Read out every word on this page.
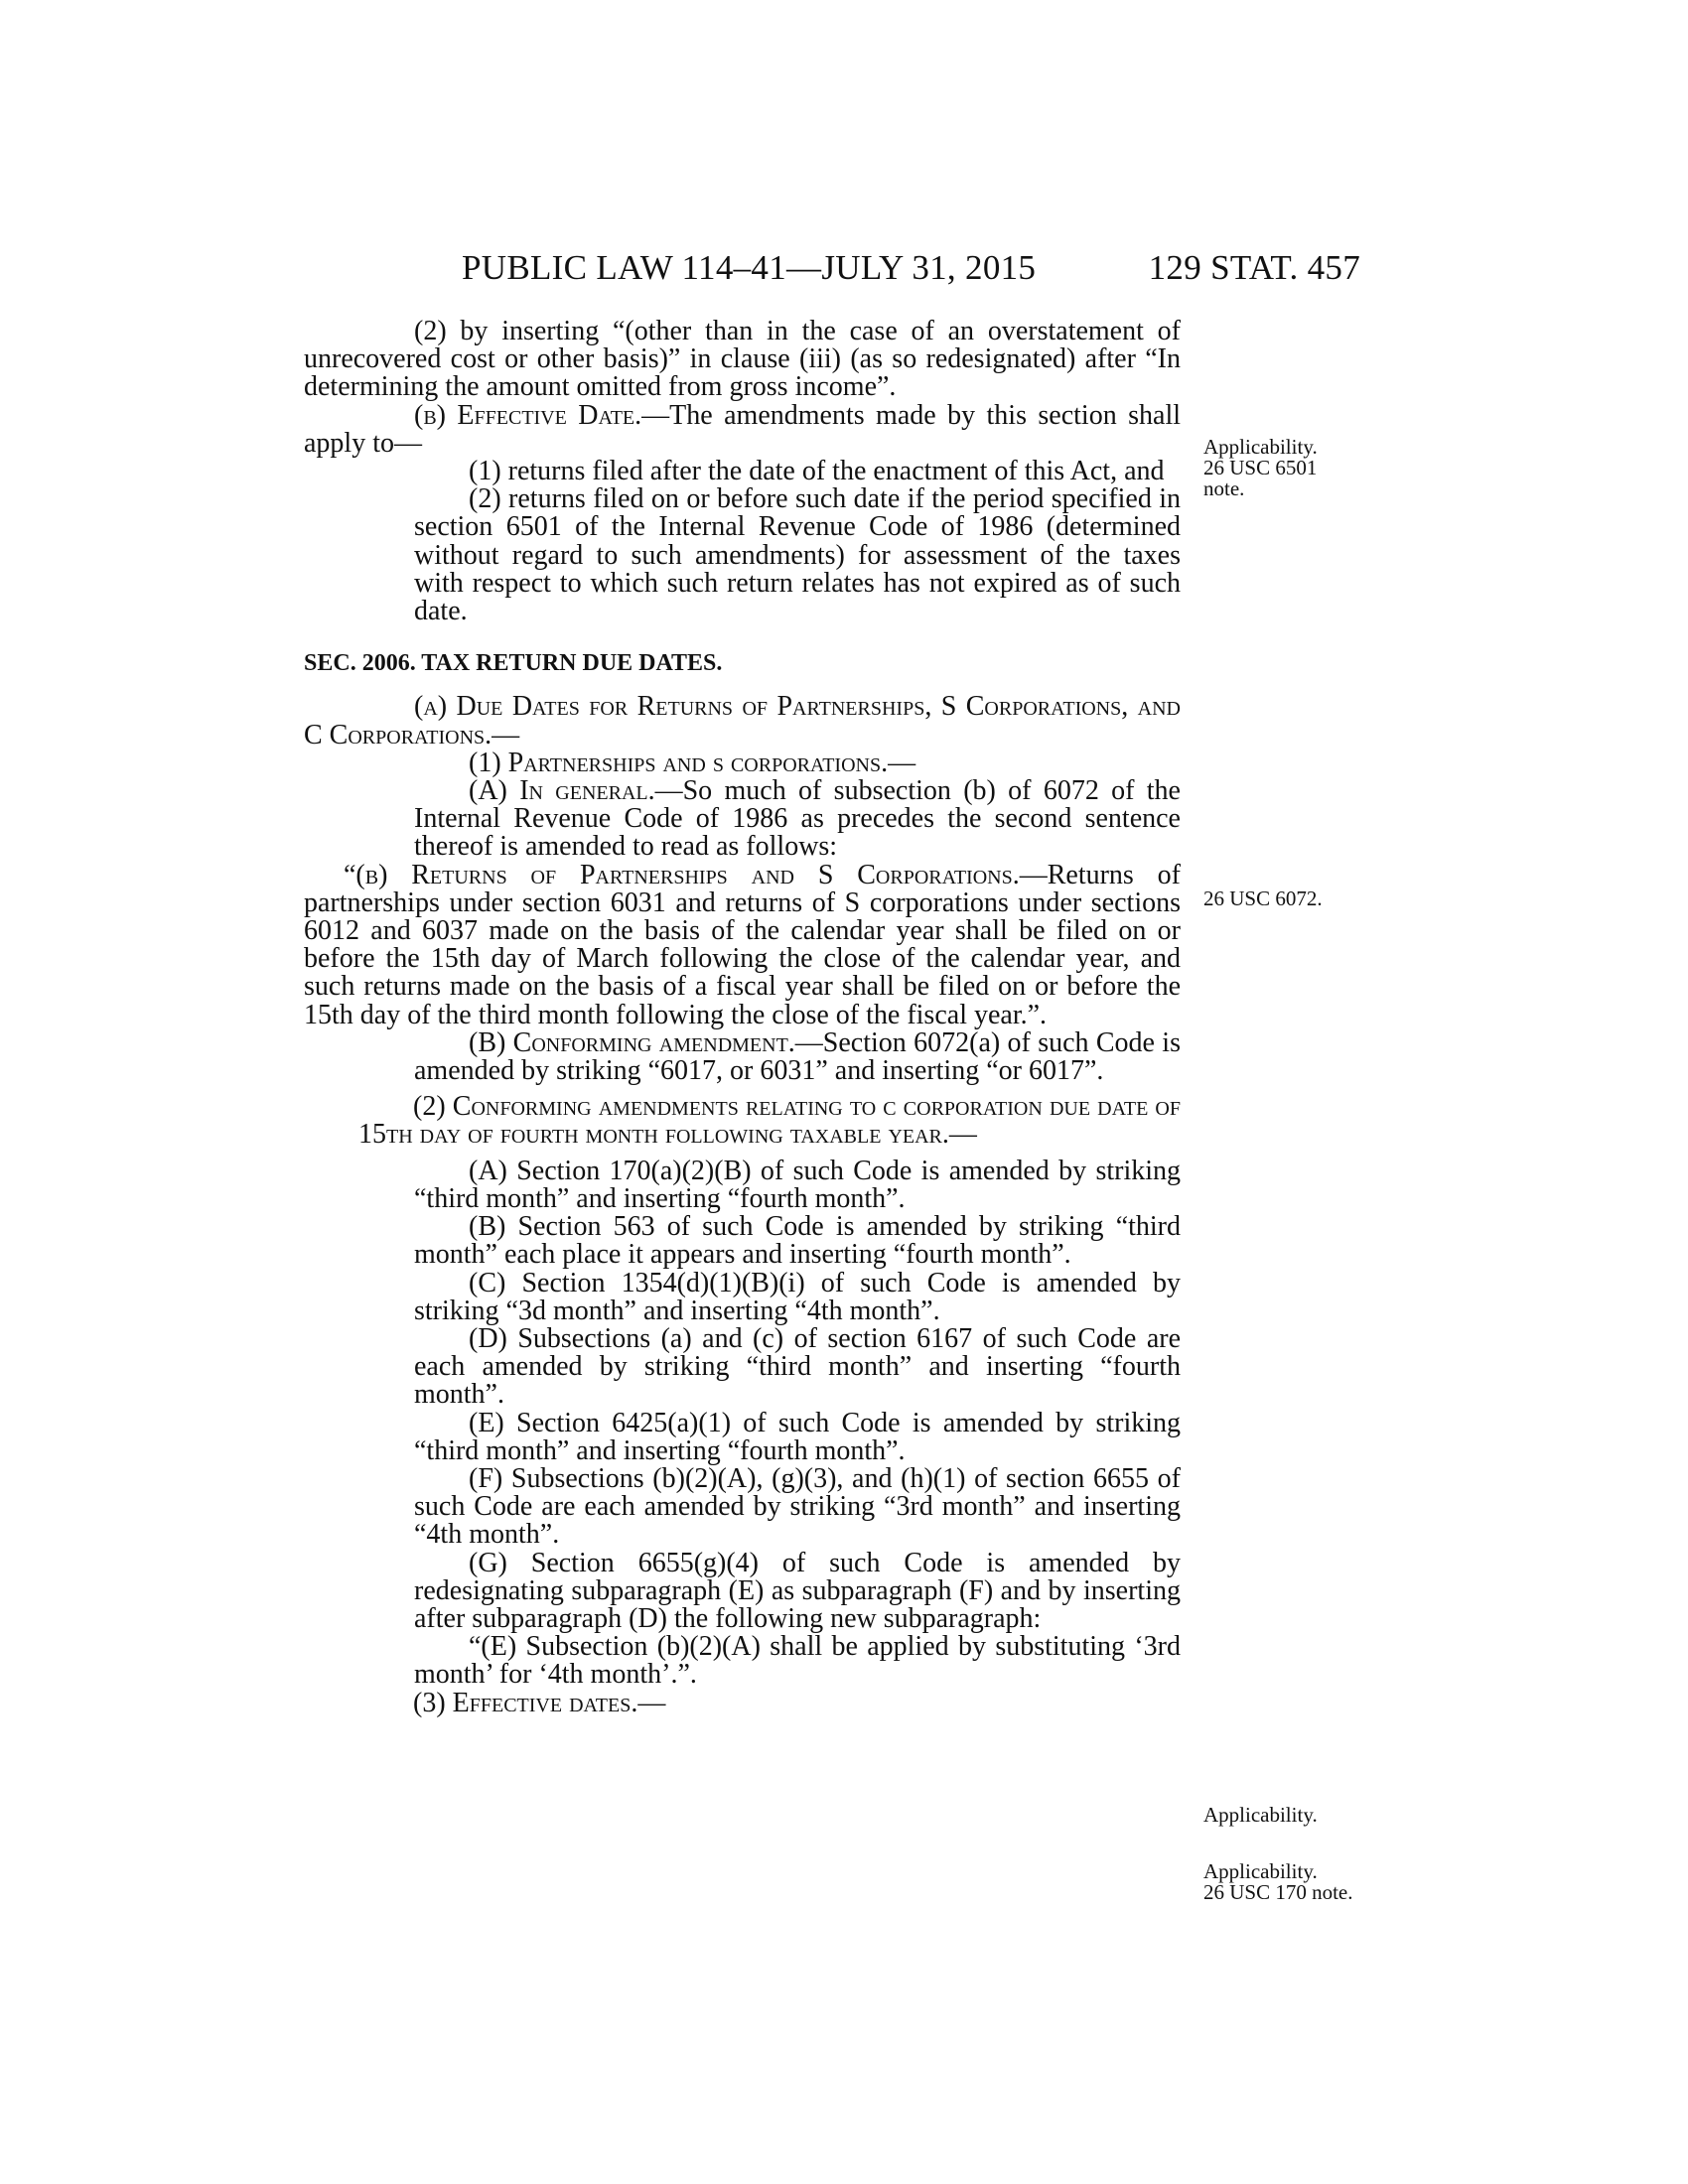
PUBLIC LAW 114–41—JULY 31, 2015	129 STAT. 457

(2) by inserting “(other than in the case of an overstatement of unrecovered cost or other basis)” in clause (iii) (as so redesignated) after “In determining the amount omitted from gross income”.

(b) Effective Date.—The amendments made by this section shall apply to—

(1) returns filed after the date of the enactment of this Act, and

(2) returns filed on or before such date if the period specified in section 6501 of the Internal Revenue Code of 1986 (determined without regard to such amendments) for assessment of the taxes with respect to which such return relates has not expired as of such date.

SEC. 2006. TAX RETURN DUE DATES.

(a) Due Dates for Returns of Partnerships, S Corporations, and C Corporations.—

(1) Partnerships and s corporations.—

(A) In general.—So much of subsection (b) of 6072 of the Internal Revenue Code of 1986 as precedes the second sentence thereof is amended to read as follows:

“(b) Returns of Partnerships and S Corporations.—Returns of partnerships under section 6031 and returns of S corporations under sections 6012 and 6037 made on the basis of the calendar year shall be filed on or before the 15th day of March following the close of the calendar year, and such returns made on the basis of a fiscal year shall be filed on or before the 15th day of the third month following the close of the fiscal year.”.

(B) Conforming amendment.—Section 6072(a) of such Code is amended by striking “6017, or 6031” and inserting “or 6017”.

(2) Conforming amendments relating to c corporation due date of 15th day of fourth month following taxable year.—

(A) Section 170(a)(2)(B) of such Code is amended by striking “third month” and inserting “fourth month”.

(B) Section 563 of such Code is amended by striking “third month” each place it appears and inserting “fourth month”.

(C) Section 1354(d)(1)(B)(i) of such Code is amended by striking “3d month” and inserting “4th month”.

(D) Subsections (a) and (c) of section 6167 of such Code are each amended by striking “third month” and inserting “fourth month”.

(E) Section 6425(a)(1) of such Code is amended by striking “third month” and inserting “fourth month”.

(F) Subsections (b)(2)(A), (g)(3), and (h)(1) of section 6655 of such Code are each amended by striking “3rd month” and inserting “4th month”.

(G) Section 6655(g)(4) of such Code is amended by redesignating subparagraph (E) as subparagraph (F) and by inserting after subparagraph (D) the following new subparagraph:

“(E) Subsection (b)(2)(A) shall be applied by substituting ‘3rd month’ for ‘4th month’.”.

(3) Effective dates.—

Applicability.
26 USC 6501
note.
26 USC 6072.
Applicability.
Applicability.
26 USC 170 note.
